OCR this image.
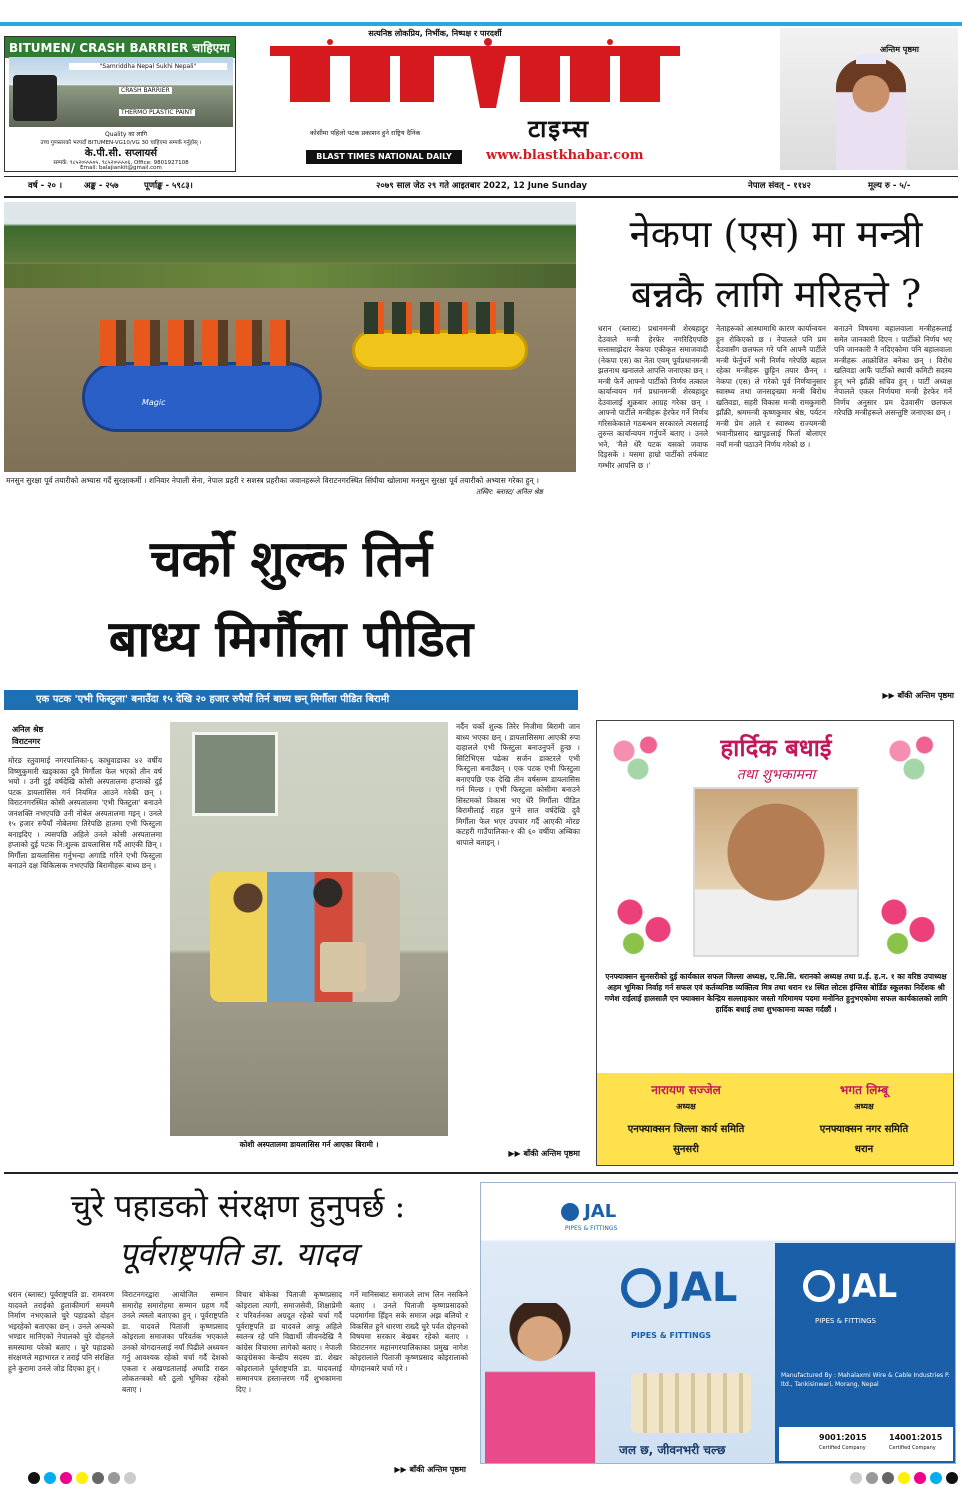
BITUMEN/ CRASH BARRIER चाहिएमा
"Samriddha Nepal Sukhi Nepali"
CRASH BARRIER
THERMO PLASTIC PAINT
Quality का लागि
उच्च गुणस्तरको भरपर्दो BITUMEN-VG10/VG 30 चाहिएमा सम्पर्क गर्नुहोस् ।
के.पी.सी. सप्लायर्स
सम्पर्क: ९८५२०५५५०५, ९८५२०५५५०६, Office: 9801927108
Email: balajiankit@gmail.com
सत्यनिष्ठ लोकप्रिय, निर्भीक, निष्पक्ष र पारदर्शी
कोसीमा पहिलो पटक प्रकाशन हुने राष्ट्रिय दैनिक	टाइम्स
BLAST TIMES NATIONAL DAILY	www.blastkhabar.com
अन्तिम पृष्ठमा
वर्ष - २० ।	अङ्क - २५७	पूर्णाङ्क - ५९८३।	२०७९ साल जेठ २९ गते आइतबार 2022, 12 June Sunday	नेपाल संवत् - ११४२	मूल्य रु - ५/-
Magic
मनसुन सुरक्षा पूर्व तयारीको अभ्यास गर्दै सुरक्षाकर्मी । शनिवार नेपाली सेना, नेपाल प्रहरी र सशस्त्र प्रहरीका जवानहरूले विराटनगरस्थित सिंघीया खोलामा मनसुन सुरक्षा पूर्व तयारीको अभ्यास गरेका हुन् ।
तस्विर: ब्लास्ट/ अनिल श्रेष्ठ
नेकपा (एस) मा मन्त्री
बन्नकै लागि मरिहत्ते ?
धरान (ब्लास्ट) प्रधानमन्त्री शेरबहादुर देउवाले मन्त्री हेरफेर नगरिदिएपछि सत्तासाझेदार नेकपा एकीकृत समाजवादी (नेकपा एस) का नेता एवम् पूर्वप्रधानमन्त्री झलनाथ खनालले आपत्ति जनाएका छन् । मन्त्री फेर्ने आफ्नो पार्टीको निर्णय तत्काल कार्यान्वयन गर्न प्रधानमन्त्री शेरबहादुर देउवालाई शुक्रबार आग्रह गरेका छन् । आफ्नो पार्टीले मन्त्रीहरू हेरफेर गर्ने निर्णय गरिसकेकाले गठबन्धन सरकारले त्यसलाई तुरुन्त कार्यान्वयन गर्नुपर्ने बताए । उनले भने, 'मैले धेरै पटक यसको जवाफ दिइसकें । यसमा हाम्रो पार्टीको तर्फबाट गम्भीर आपत्ति छ ।'
नेताहरूको आस्थामाथि कारण कार्यान्वयन हुन रोकिएको छ । नेपालले पनि प्रम देउवासँग छलफल गरे पनि आफ्नै पार्टीले मन्त्री फेर्नुपर्ने भनी निर्णय गरेपछि बहाल रहेका मन्त्रीहरू छुट्टिन तयार छैनन् । नेकपा (एस) ले गरेको पूर्व निर्णयानुसार स्वास्थ्य तथा जनसङ्ख्या मन्त्री बिरोध खतिवडा, सहरी विकास मन्त्री रामकुमारी झाँक्री, श्रममन्त्री कृष्णकुमार श्रेष्ठ, पर्यटन मन्त्री प्रेम आले र स्वास्थ्य राज्यमन्त्री भवानीप्रसाद खापुङलाई फिर्ता बोलाएर नयाँ मन्त्री पठाउने निर्णय गरेको छ ।
बनाउने विषयमा बहालवाला मन्त्रीहरूलाई समेत जानकारी दिएन । पार्टीको निर्णय भए पनि जानकारी नै नदिएकोमा पनि बहालवाला मन्त्रीहरू आक्रोशित बनेका छन् । विरोध खतिवडा आफैं पार्टीको स्थायी कमिटी सदस्य हुन् भने झाँक्री सचिव हुन् । पार्टी अध्यक्ष नेपालले एकल निर्णयमा मन्त्री हेरफेर गर्ने निर्णय अनुसार प्रम देउवासँग छलफल गरेपछि मन्त्रीहरूले असन्तुष्टि जनाएका छन् ।
▶▶ बाँकी अन्तिम पृष्ठमा
चर्को शुल्क तिर्न
बाध्य मिर्गौला पीडित
एक पटक 'एभी फिस्टुला' बनाउँदा १५ देखि २० हजार रुपैयाँ तिर्न बाध्य छन् मिर्गौला पीडित बिरामी
अनिल श्रेष्ठ
विराटनगर
मोरङ रतुवामाई नगरपालिका-६ काधुवाडाका ४२ वर्षीय विष्णुकुमारी खड्काका दुवै मिर्गौला फेल भएको तीन वर्ष भयो । उनी दुई वर्षदेखि कोसी अस्पतालमा हप्ताको दुई पटक डायलासिस गर्न नियमित आउने गरेकी छन् । विराटनगरस्थित कोसी अस्पतालमा 'एभी फिस्टुला' बनाउने जनशक्ति नभएपछि उनी नोबेल अस्पतालमा गइन् । उनले १५ हजार रुपैयाँ नोबेलमा तिरेपछि हातमा एभी फिस्टुला बनाइदिए । त्यसपछि अहिले उनले कोसी अस्पतालमा हप्ताको दुई पटक नि:शुल्क डायलासिस गर्दै आएकी छिन् । मिर्गौला डायलासिस गर्नुभन्दा अगाडि गरिने एभी फिस्टुला बनाउने दक्ष चिकित्सक नभएपछि बिरामीहरू बाध्य छन् ।
कोशी अस्पतालमा डायलासिस गर्न आएका बिरामी ।
नर्दैन चर्को शुल्क तिरेर निजीमा बिरामी जान बाध्य भएका छन् । डायलासिसमा आएकी रुपा दाहालले एभी फिस्टुला बनाउनुपर्ने हुन्छ । सिटिभिएस पढेका सर्जन डाक्टरले एभी फिस्टुला बनाउँछन् । एक पटक एभी फिस्टुला बनाएपछि एक देखि तीन वर्षसम्म डायलासिस गर्न मिल्छ । एभी फिस्टुला कोसीमा बनाउने सिस्टमको विकास भए धेरै मिर्गौला पीडित बिरामीलाई राहत पुग्ने सात वर्षदेखि दुवै मिर्गौला फेल भएर उपचार गर्दै आएकी मोरङ कटहरी गाउँपालिका-१ की ६० वर्षीया अम्बिका थापाले बताइन् ।
▶▶ बाँकी अन्तिम पृष्ठमा
हार्दिक बधाई
तथा शुभकामना
एनफ्याक्सन सुनसरीको दुई कार्यकाल सफल जिल्ला अध्यक्ष, ए.सि.सि. धरानको अध्यक्ष तथा प्र.ई. ह.न. १ का वरिष्ठ उपाध्यक्ष अहम भूमिका निर्वाह गर्न सफल एवं कर्तव्यनिष्ठ व्यक्तित्व मित्र तथा धरान १४ स्थित लोटस इंग्लिस बोर्डिङ स्कूलका निर्देशक श्री गणेश राईलाई हालसालै एन फ्याक्सन केन्द्रिय सल्लाहकार जस्तो गरिमामय पदमा मनोनित हुनुभएकोमा सफल कार्यकालको लागि हार्दिक बधाई तथा शुभकामना व्यक्त गर्दछौं ।
नारायण सज्जेल
अध्यक्ष
एनफ्याक्सन जिल्ला कार्य समिति
सुनसरी
भगत लिम्बू
अध्यक्ष
एनफ्याक्सन नगर समिति
धरान
चुरे पहाडको संरक्षण हुनुपर्छ :
पूर्वराष्ट्रपति डा. यादव
धरान (ब्लास्ट) पूर्वराष्ट्रपति डा. रामवरण यादवले तराईको हुलाकीमार्ग समयमै निर्माण नभएकाले चुरे पहाडको दोहन भइरहेको बताएका छन् । उनले अन्यको भण्डार मानिएको नेपालको चुरे दोहनले समस्यामा परेको बताए । चुरे पहाडको संरक्षणले महाभारत र तराई पनि संरक्षित हुने कुरामा उनले जोड दिएका हुन् ।
विराटनगरद्वारा आयोजित सम्मान समारोह समारोहमा सम्मान ग्रहण गर्दै उनले त्यस्तो बताएका हुन् । पूर्वराष्ट्रपति डा. यादवले पिताजी कृष्णप्रसाद कोइराला समाजका परिवर्तक भएकाले उनको योगदानलाई नयाँ पिढीले अध्ययन गर्नु आवश्यक रहेको चर्चा गर्दै देशको एकता र अखण्डतालाई अघाडि राख्न लोकतन्त्रको धरै ठूलो भूमिका रहेको बताए ।
विचार बोकेका पिताजी कृष्णप्रसाद कोइराला त्यागी, समाजसेवी, शिक्षाप्रेमी र परिवर्तनका अग्रदूत रहेको चर्चा गर्दै पूर्वराष्ट्रपति डा यादवले आफू अहिले स्वतन्त्र रहे पनि विद्यार्थी जीवनदेखि नै कांग्रेस विचारमा लागेको बताए । नेपाली काङ्ग्रेसका केन्द्रीय सदस्य डा. शेखर कोइरालाले पूर्वराष्ट्रपति डा. यादवलाई सम्मानपत्र हस्तान्तरण गर्दै शुभकामना दिए ।
गर्ने मानिसबाट समाजले लाभ लिन नसकिने बताए । उनले पिताजी कृष्णप्रसादको पदमार्गमा हिँड्न सके समाज अझ बलियो र विकसित हुने धारणा राख्दै चुरे पर्वत दोहनको विषयमा सरकार बेखबर रहेको बताए । विराटनगर महानगरपालिकाका प्रमुख नागेश कोइरालाले पिताजी कृष्णप्रसाद कोइरालाको योगदानबारे चर्चा गरे ।
▶▶ बाँकी अन्तिम पृष्ठमा
JAL
PIPES & FITTINGS
JAL
PIPES & FITTINGS
जल छ, जीवनभरी चल्छ
JAL
PIPES & FITTINGS
Manufactured By : Mahalaxmi Wire & Cable Industries P. ltd., Tankisinwari, Morang, Nepal
9001:2015
Certified Company
14001:2015
Certified Company
